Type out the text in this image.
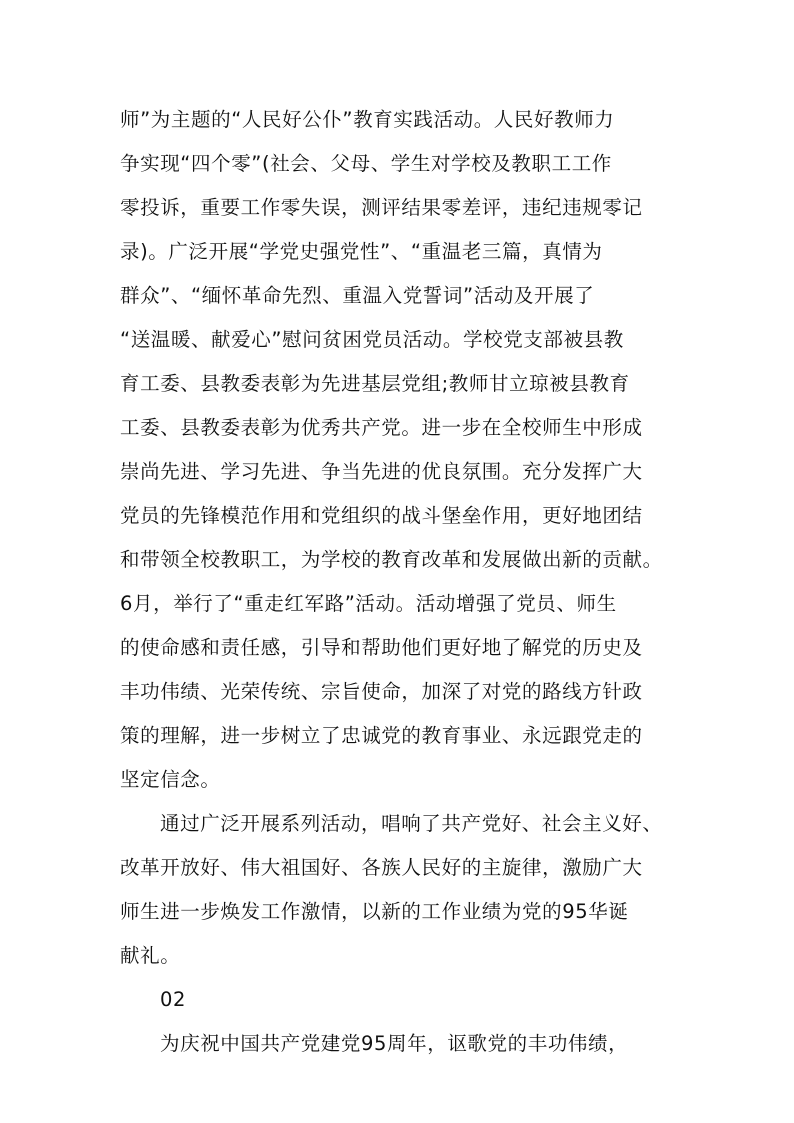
师”为主题的“人民好公仆”教育实践活动。人民好教师力
争实现“四个零”(社会、父母、学生对学校及教职工工作
零投诉，重要工作零失误，测评结果零差评，违纪违规零记
录)。广泛开展“学党史强党性”、“重温老三篇，真情为
群众”、“缅怀革命先烈、重温入党誓词”活动及开展了
“送温暖、献爱心”慰问贫困党员活动。学校党支部被县教
育工委、县教委表彰为先进基层党组;教师甘立琼被县教育
工委、县教委表彰为优秀共产党。进一步在全校师生中形成
崇尚先进、学习先进、争当先进的优良氛围。充分发挥广大
党员的先锋模范作用和党组织的战斗堡垒作用，更好地团结
和带领全校教职工，为学校的教育改革和发展做出新的贡献。
6月，举行了“重走红军路”活动。活动增强了党员、师生
的使命感和责任感，引导和帮助他们更好地了解党的历史及
丰功伟绩、光荣传统、宗旨使命，加深了对党的路线方针政
策的理解，进一步树立了忠诚党的教育事业、永远跟党走的
坚定信念。
通过广泛开展系列活动，唱响了共产党好、社会主义好、
改革开放好、伟大祖国好、各族人民好的主旋律，激励广大
师生进一步焕发工作激情，以新的工作业绩为党的95华诞
献礼。
02
为庆祝中国共产党建党95周年，讴歌党的丰功伟绩，
